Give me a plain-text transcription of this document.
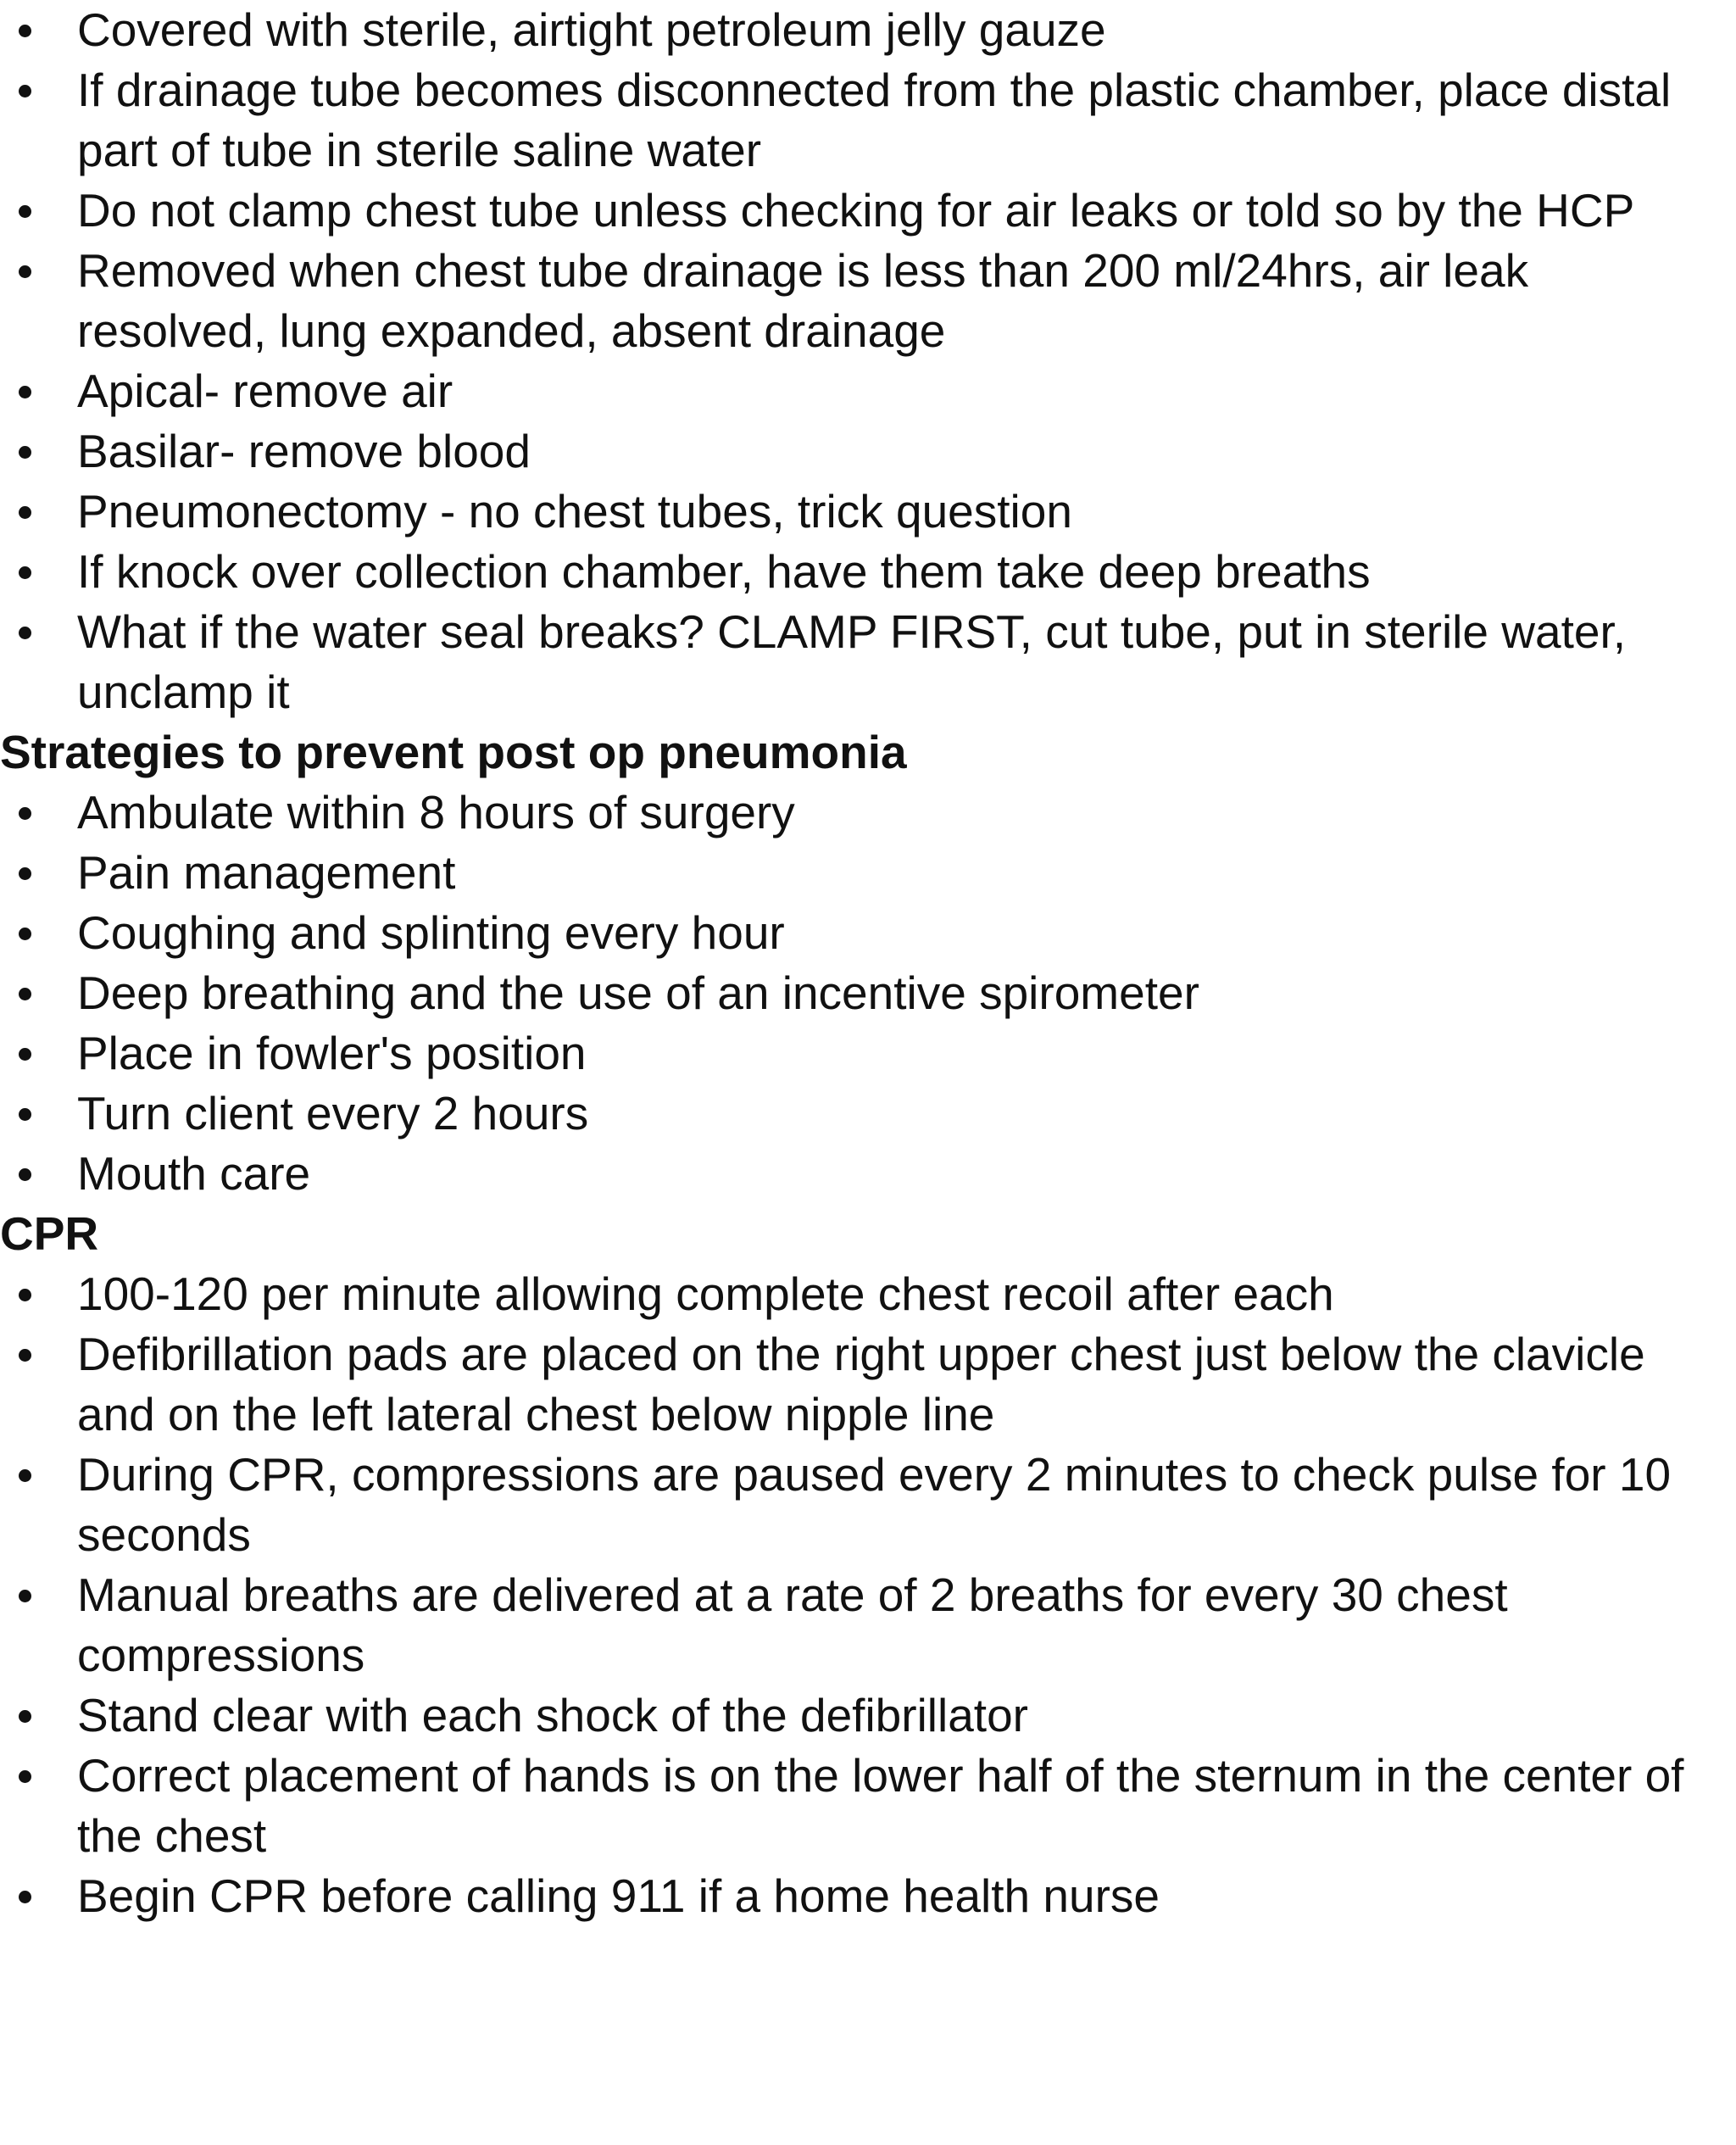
Covered with sterile, airtight petroleum jelly gauze
If drainage tube becomes disconnected from the plastic chamber, place distal part of tube in sterile saline water
Do not clamp chest tube unless checking for air leaks or told so by the HCP
Removed when chest tube drainage is less than 200 ml/24hrs, air leak resolved, lung expanded, absent drainage
Apical- remove air
Basilar- remove blood
Pneumonectomy - no chest tubes, trick question
If knock over collection chamber, have them take deep breaths
What if the water seal breaks? CLAMP FIRST, cut tube, put in sterile water, unclamp it
Strategies to prevent post op pneumonia
Ambulate within 8 hours of surgery
Pain management
Coughing and splinting every hour
Deep breathing and the use of an incentive spirometer
Place in fowler's position
Turn client every 2 hours
Mouth care
CPR
100-120 per minute allowing complete chest recoil after each
Defibrillation pads are placed on the right upper chest just below the clavicle and on the left lateral chest below nipple line
During CPR, compressions are paused every 2 minutes to check pulse for 10 seconds
Manual breaths are delivered at a rate of 2 breaths for every 30 chest compressions
Stand clear with each shock of the defibrillator
Correct placement of hands is on the lower half of the sternum in the center of the chest
Begin CPR before calling 911 if a home health nurse
